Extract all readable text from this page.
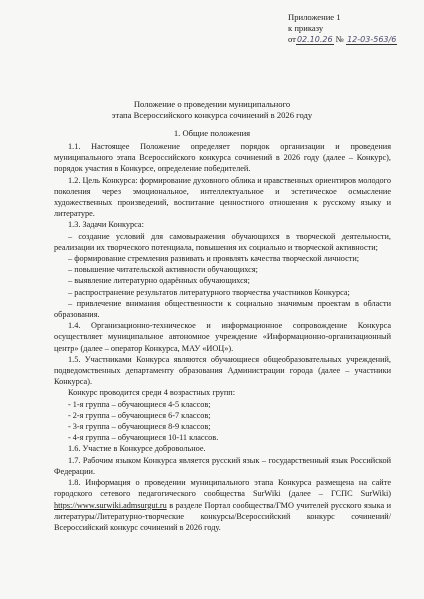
Приложение 1
к приказу
от02.10.26 № 12-03-563/6
Положение о проведении муниципального
этапа Всероссийского конкурса сочинений в 2026 году
1. Общие положения

1.1. Настоящее Положение определяет порядок организации и проведения муниципального этапа Всероссийского конкурса сочинений в 2026 году (далее – Конкурс), порядок участия в Конкурсе, определение победителей.

1.2. Цель Конкурса: формирование духовного облика и нравственных ориентиров молодого поколения через эмоциональное, интеллектуальное и эстетическое осмысление художественных произведений, воспитание ценностного отношения к русскому языку и литературе.

1.3. Задачи Конкурса:

– создание условий для самовыражения обучающихся в творческой деятельности, реализации их творческого потенциала, повышения их социально и творческой активности;

– формирование стремления развивать и проявлять качества творческой личности;

– повышение читательской активности обучающихся;

– выявление литературно одарённых обучающихся;

– распространение результатов литературного творчества участников Конкурса;

– привлечение внимания общественности к социально значимым проектам в области образования.

1.4. Организационно-техническое и информационное сопровождение Конкурса осуществляет муниципальное автономное учреждение «Информационно-организационный центр» (далее – оператор Конкурса, МАУ «ИОЦ»).

1.5. Участниками Конкурса являются обучающиеся общеобразовательных учреждений, подведомственных департаменту образования Администрации города (далее – участники Конкурса).

Конкурс проводится среди 4 возрастных групп:

- 1-я группа – обучающиеся 4-5 классов;

- 2-я группа – обучающиеся 6-7 классов;

- 3-я группа – обучающиеся 8-9 классов;

- 4-я группа – обучающиеся 10-11 классов.

1.6. Участие в Конкурсе добровольное.

1.7. Рабочим языком Конкурса является русский язык – государственный язык Российской Федерации.

1.8. Информация о проведении муниципального этапа Конкурса размещена на сайте городского сетевого педагогического сообщества SurWiki (далее – ГСПС SurWiki) https://www.surwiki.admsurgut.ru в разделе Портал сообщества/ГМО учителей русского языка и литературы/Литературно-творческие конкурсы/Всероссийский конкурс сочинений/Всероссийский конкурс сочинений в 2026 году.
